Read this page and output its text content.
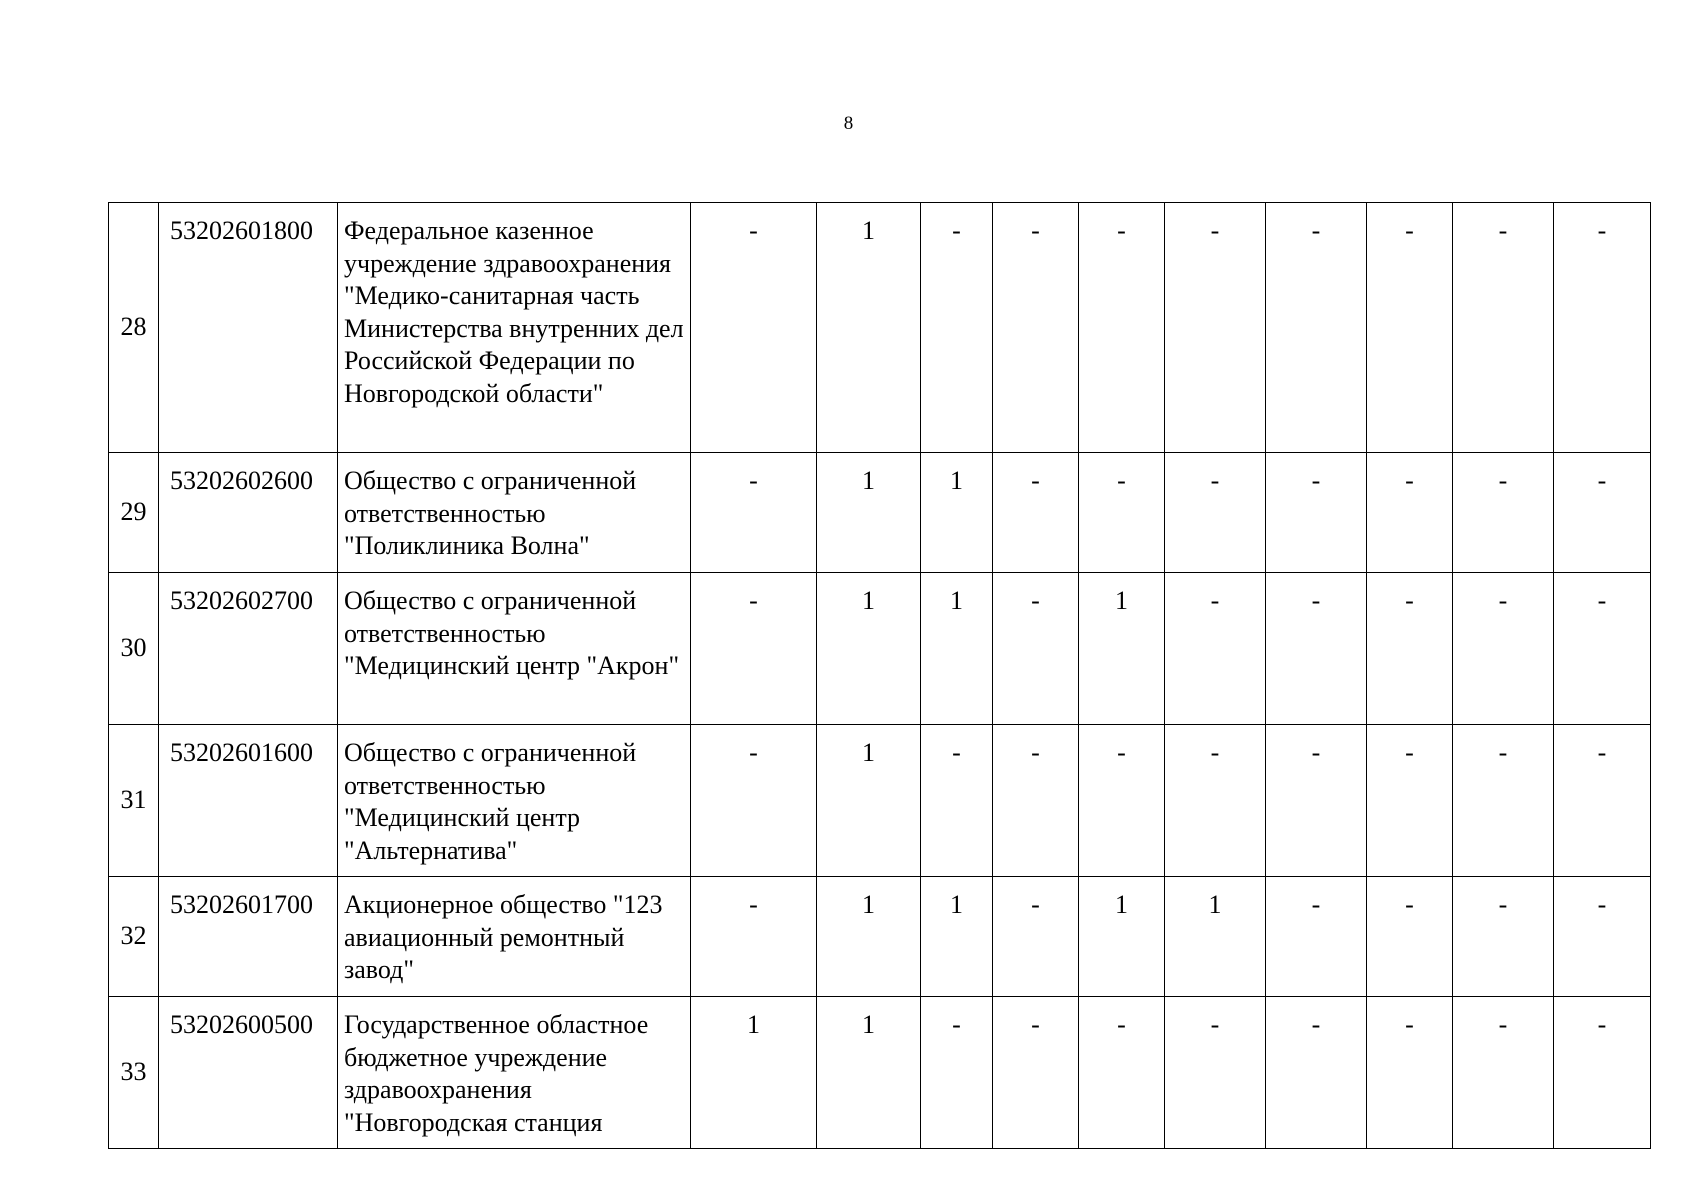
8
28	53202601800	Федеральное казенное учреждение здравоохранения "Медико-санитарная часть Министерства внутренних дел Российской Федерации по Новгородской области"	-	1	-	-	-	-	-	-	-	-
29	53202602600	Общество с ограниченной ответственностью "Поликлиника Волна"	-	1	1	-	-	-	-	-	-	-
30	53202602700	Общество с ограниченной ответственностью "Медицинский центр "Акрон"	-	1	1	-	1	-	-	-	-	-
31	53202601600	Общество с ограниченной ответственностью "Медицинский центр "Альтернатива"	-	1	-	-	-	-	-	-	-	-
32	53202601700	Акционерное общество "123 авиационный ремонтный завод"	-	1	1	-	1	1	-	-	-	-
33	53202600500	Государственное областное бюджетное учреждение здравоохранения "Новгородская станция	1	1	-	-	-	-	-	-	-	-
